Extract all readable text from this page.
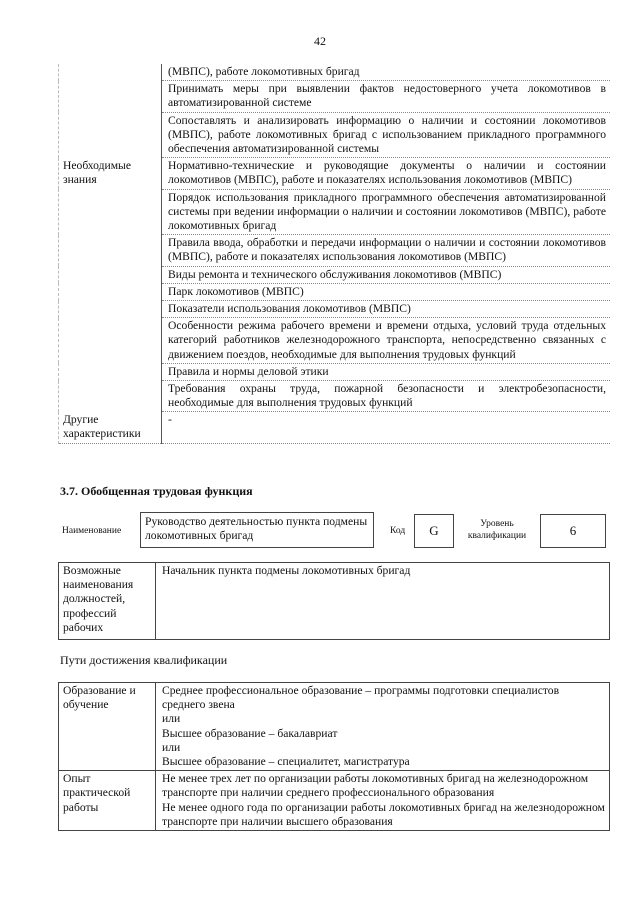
42
	(МВПС), работе локомотивных бригад
	Принимать меры при выявлении фактов недостоверного учета локомотивов в автоматизированной системе
	Сопоставлять и анализировать информацию о наличии и состоянии локомотивов (МВПС), работе локомотивных бригад с использованием прикладного программного обеспечения автоматизированной системы
Необходимые знания	Нормативно-технические и руководящие документы о наличии и состоянии локомотивов (МВПС), работе и показателях использования локомотивов (МВПС)
	Порядок использования прикладного программного обеспечения автоматизированной системы при ведении информации о наличии и состоянии локомотивов (МВПС), работе локомотивных бригад
	Правила ввода, обработки и передачи информации о наличии и состоянии локомотивов (МВПС), работе и показателях использования локомотивов (МВПС)
	Виды ремонта и технического обслуживания локомотивов (МВПС)
	Парк локомотивов (МВПС)
	Показатели использования локомотивов (МВПС)
	Особенности режима рабочего времени и времени отдыха, условий труда отдельных категорий работников железнодорожного транспорта, непосредственно связанных с движением поездов, необходимые для выполнения трудовых функций
	Правила и нормы деловой этики
	Требования охраны труда, пожарной безопасности и электробезопасности, необходимые для выполнения трудовых функций
Другие характеристики	-
3.7. Обобщенная трудовая функция
Наименование
Руководство деятельностью пункта подмены локомотивных бригад	Код	G	Уровень квалификации	6
Возможные наименования должностей, профессий рабочих	Начальник пункта подмены локомотивных бригад
Пути достижения квалификации
Образование и обучение	Среднее профессиональное образование – программы подготовки специалистов среднего звена
или
Высшее образование – бакалавриат
или
Высшее образование – специалитет, магистратура

Опыт практической работы	Не менее трех лет по организации работы локомотивных бригад на железнодорожном транспорте при наличии среднего профессионального образования
Не менее одного года по организации работы локомотивных бригад на железнодорожном транспорте при наличии высшего образования
